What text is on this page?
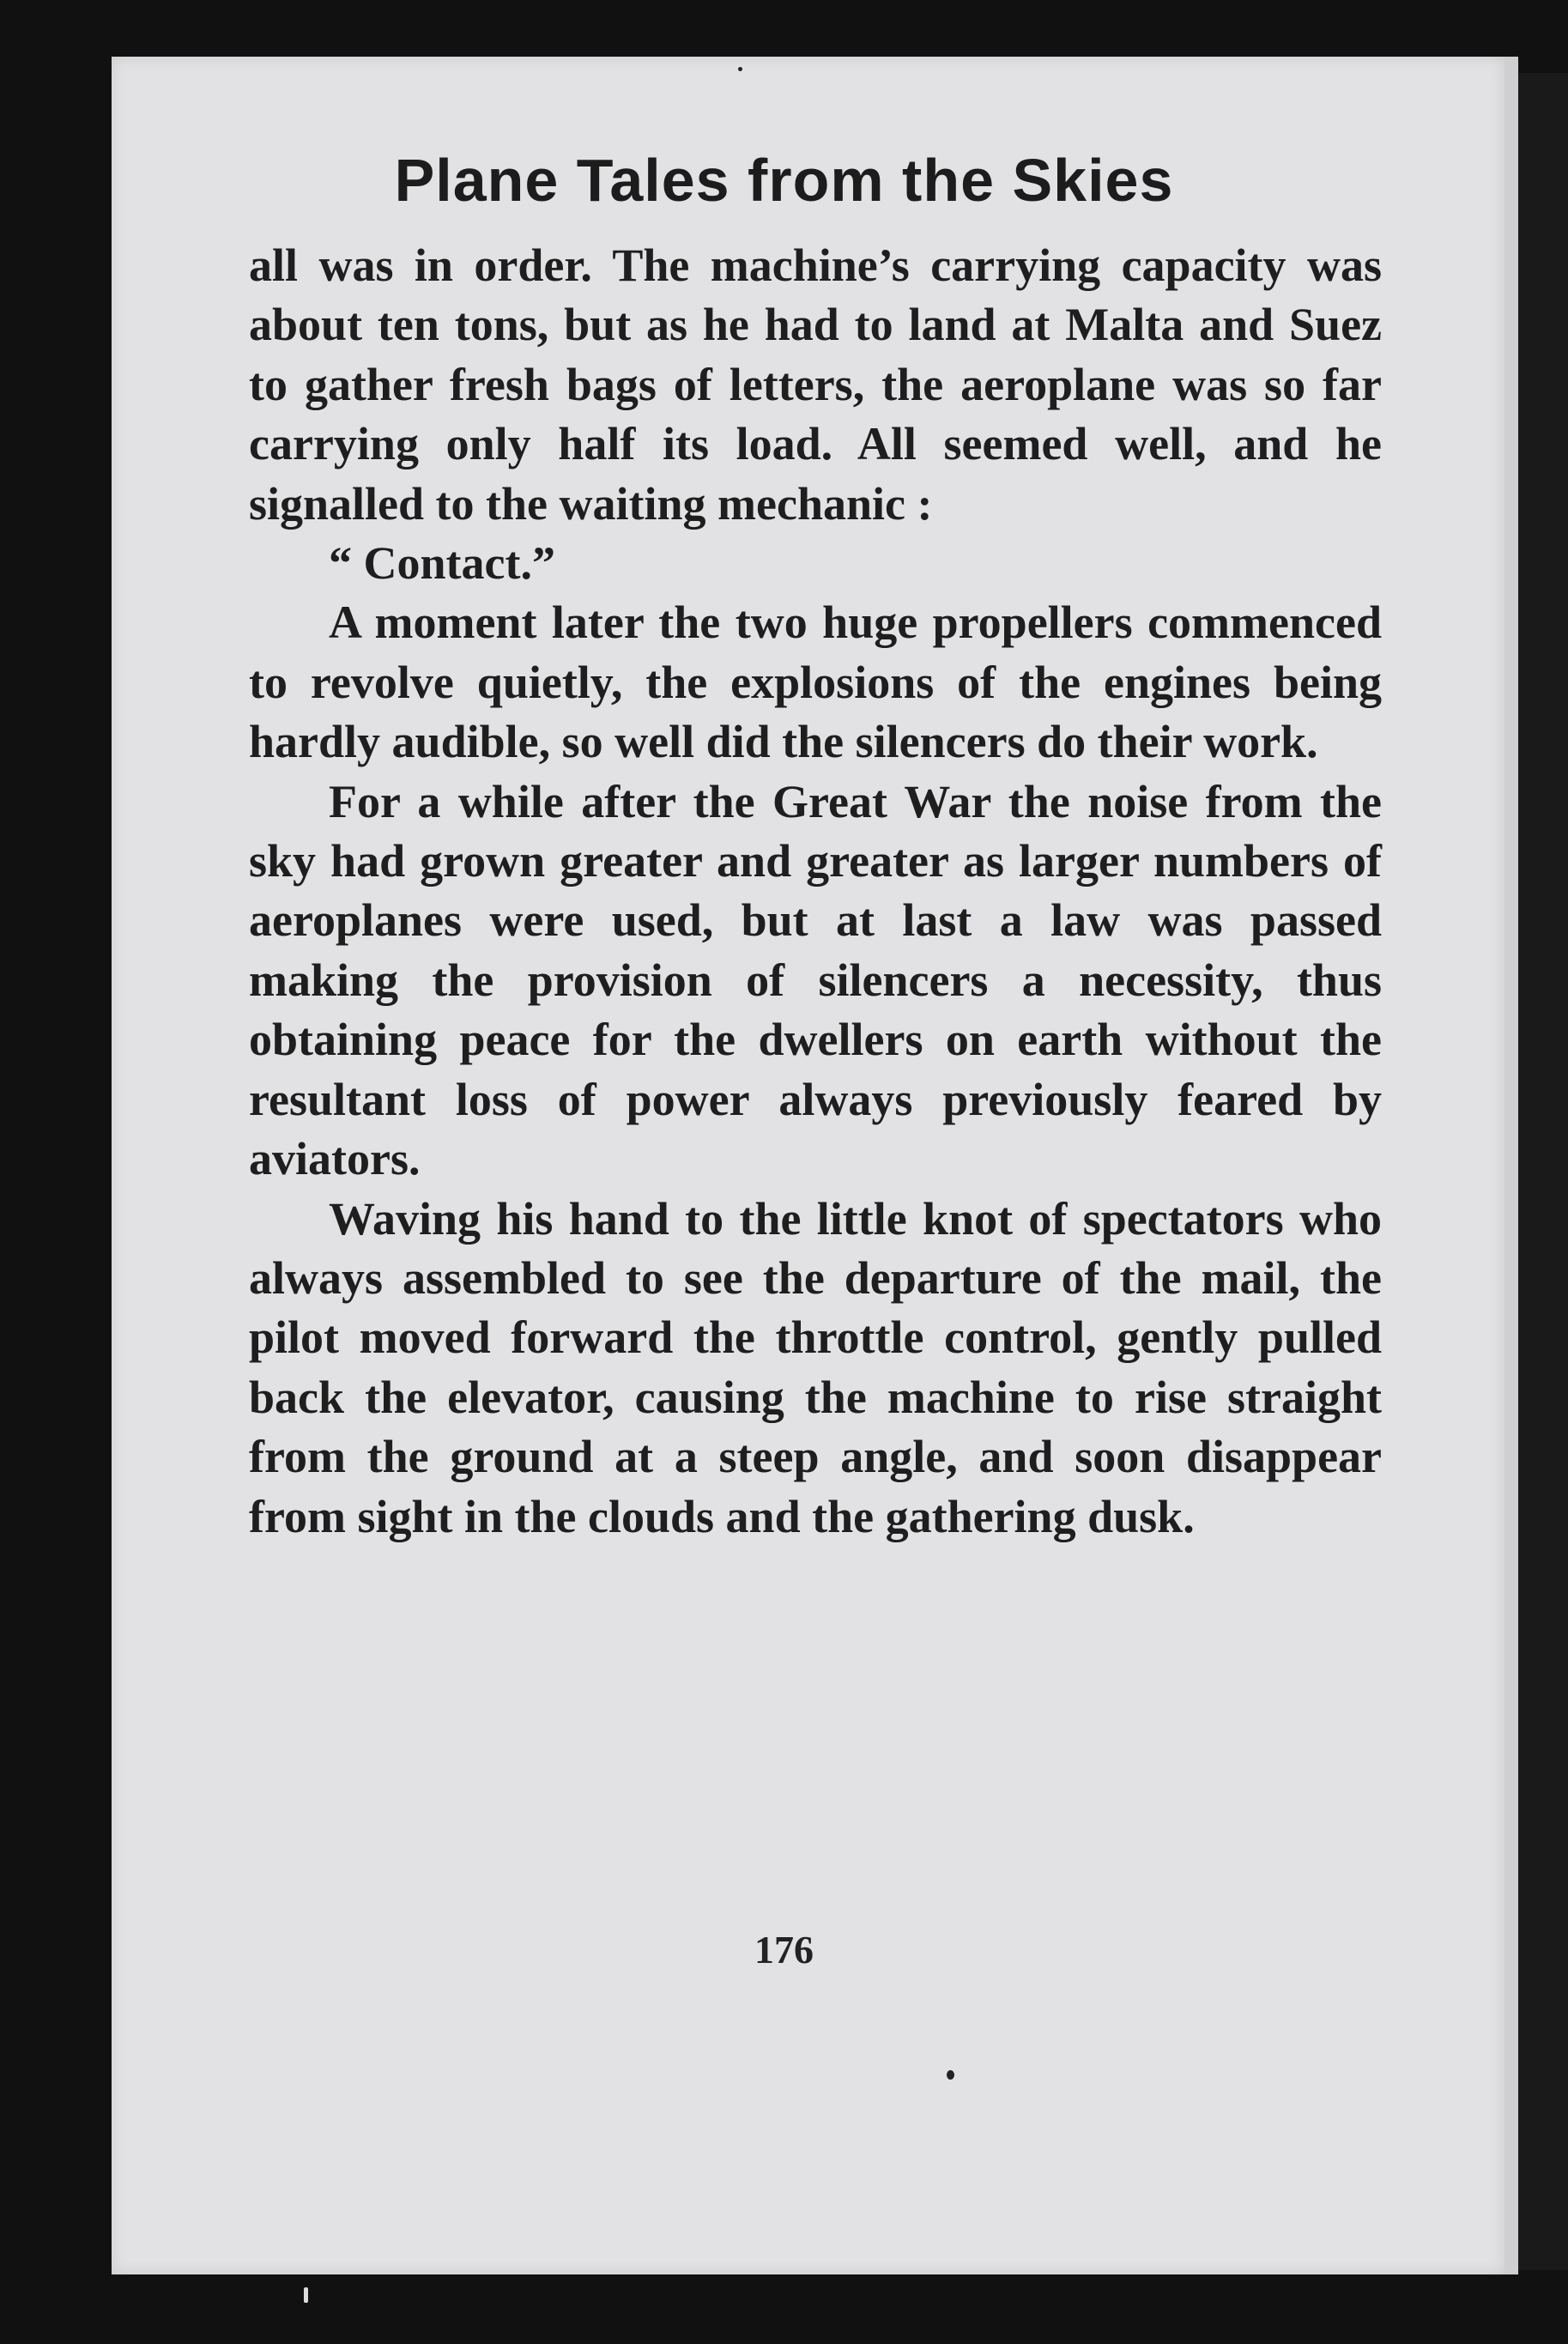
Plane Tales from the Skies

all was in order. The machine’s carrying capacity was about ten tons, but as he had to land at Malta and Suez to gather fresh bags of letters, the aeroplane was so far carrying only half its load. All seemed well, and he signalled to the waiting mechanic :

“ Contact.”

A moment later the two huge propellers commenced to revolve quietly, the explosions of the engines being hardly audible, so well did the silencers do their work.

For a while after the Great War the noise from the sky had grown greater and greater as larger numbers of aeroplanes were used, but at last a law was passed making the provision of silencers a necessity, thus obtaining peace for the dwellers on earth without the resultant loss of power always previously feared by aviators.

Waving his hand to the little knot of spectators who always assembled to see the departure of the mail, the pilot moved forward the throttle control, gently pulled back the elevator, causing the machine to rise straight from the ground at a steep angle, and soon disappear from sight in the clouds and the gathering dusk.

176
